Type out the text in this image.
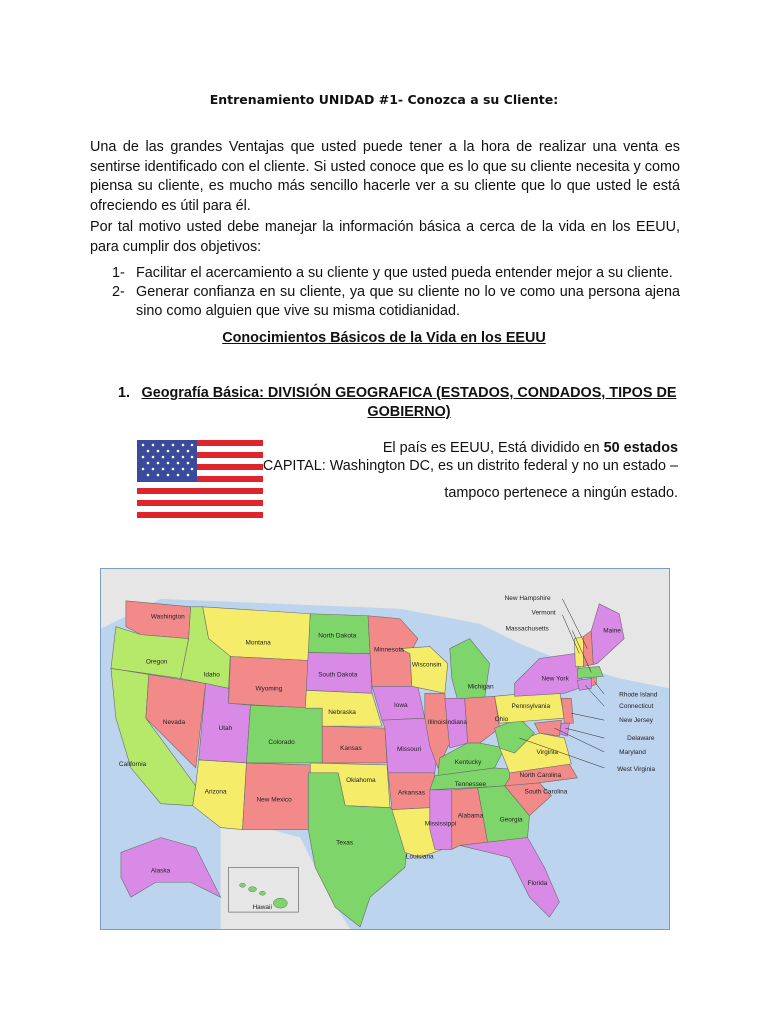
Entrenamiento UNIDAD #1- Conozca a su Cliente:

Una de las grandes Ventajas que usted puede tener a la hora de realizar una venta es sentirse identificado con el cliente. Si usted conoce que es lo que su cliente necesita y como piensa su cliente, es mucho más sencillo hacerle ver a su cliente que lo que usted le está ofreciendo es útil para él.

Por tal motivo usted debe manejar la información básica a cerca de la vida en los EEUU, para cumplir dos objetivos:

1- Facilitar el acercamiento a su cliente y que usted pueda entender mejor a su cliente.
2- Generar confianza en su cliente, ya que su cliente no lo ve como una persona ajena sino como alguien que vive su misma cotidianidad.
Conocimientos Básicos de la Vida en los EEUU
1. Geografía Básica: DIVISIÓN GEOGRAFICA (ESTADOS, CONDADOS, TIPOS DE GOBIERNO)
El país es EEUU, Está dividido en 50 estados
CAPITAL: Washington DC, es un distrito federal y no un estado –
tampoco pertenece a ningún estado.
Washington
Oregon
California
Idaho
Nevada
Montana
Wyoming
Utah
Arizona
Colorado
New Mexico
North Dakota
South Dakota
Nebraska
Kansas
Oklahoma
Texas
Minnesota
Iowa
Missouri
Arkansas
Louisiana
Wisconsin
Illinois
Michigan
Indiana	Ohio
Kentucky
Tennessee
Mississippi
Alabama
Georgia
Florida
South Carolina
North Carolina
Virginia
West Virginia
Pennsylvania
New York
Maine
Vermont
New Hampshire
Massachusetts
Rhode Island
Connecticut
New Jersey
Delaware
Maryland
Alaska
Hawaii
